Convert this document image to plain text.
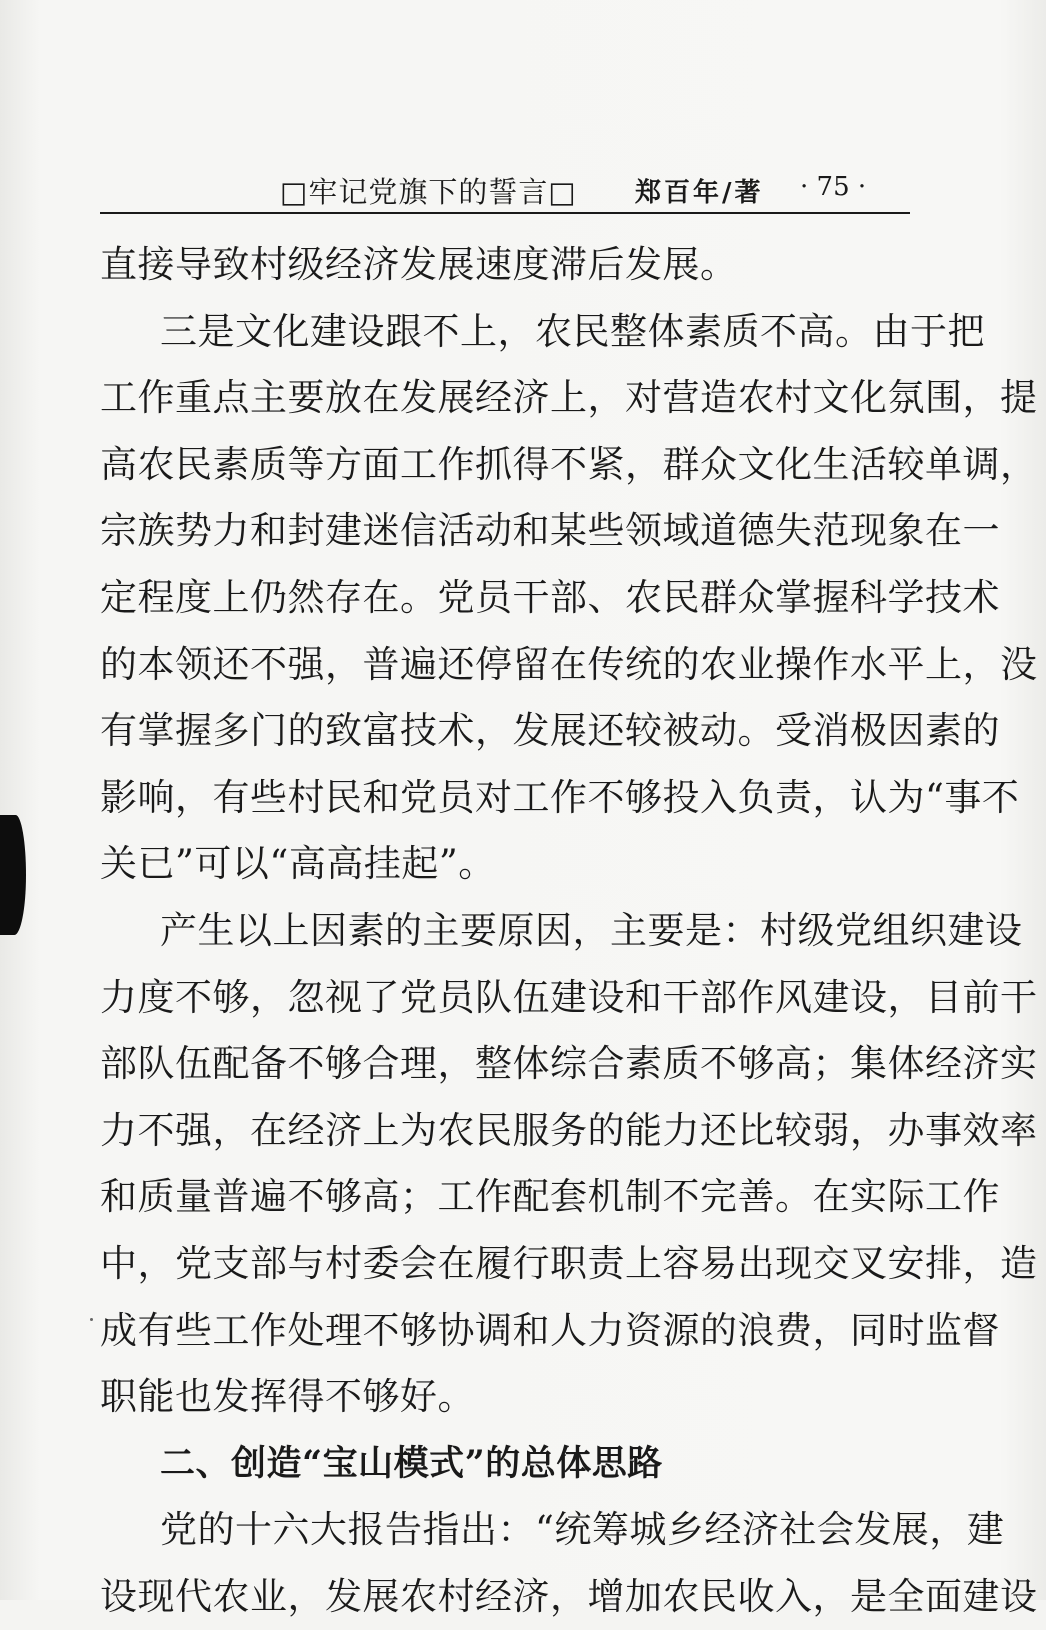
□牢记党旗下的誓言□ 郑百年/著 · 75 ·
直接导致村级经济发展速度滞后发展。
三是文化建设跟不上，农民整体素质不高。由于把
工作重点主要放在发展经济上，对营造农村文化氛围，提
高农民素质等方面工作抓得不紧，群众文化生活较单调，
宗族势力和封建迷信活动和某些领域道德失范现象在一
定程度上仍然存在。党员干部、农民群众掌握科学技术
的本领还不强，普遍还停留在传统的农业操作水平上，没
有掌握多门的致富技术，发展还较被动。受消极因素的
影响，有些村民和党员对工作不够投入负责，认为“事不
关已”可以“高高挂起”。
产生以上因素的主要原因，主要是：村级党组织建设
力度不够，忽视了党员队伍建设和干部作风建设，目前干
部队伍配备不够合理，整体综合素质不够高；集体经济实
力不强，在经济上为农民服务的能力还比较弱，办事效率
和质量普遍不够高；工作配套机制不完善。在实际工作
中，党支部与村委会在履行职责上容易出现交叉安排，造
成有些工作处理不够协调和人力资源的浪费，同时监督
职能也发挥得不够好。
二、创造“宝山模式”的总体思路
党的十六大报告指出：“统筹城乡经济社会发展，建
设现代农业，发展农村经济，增加农民收入，是全面建设
